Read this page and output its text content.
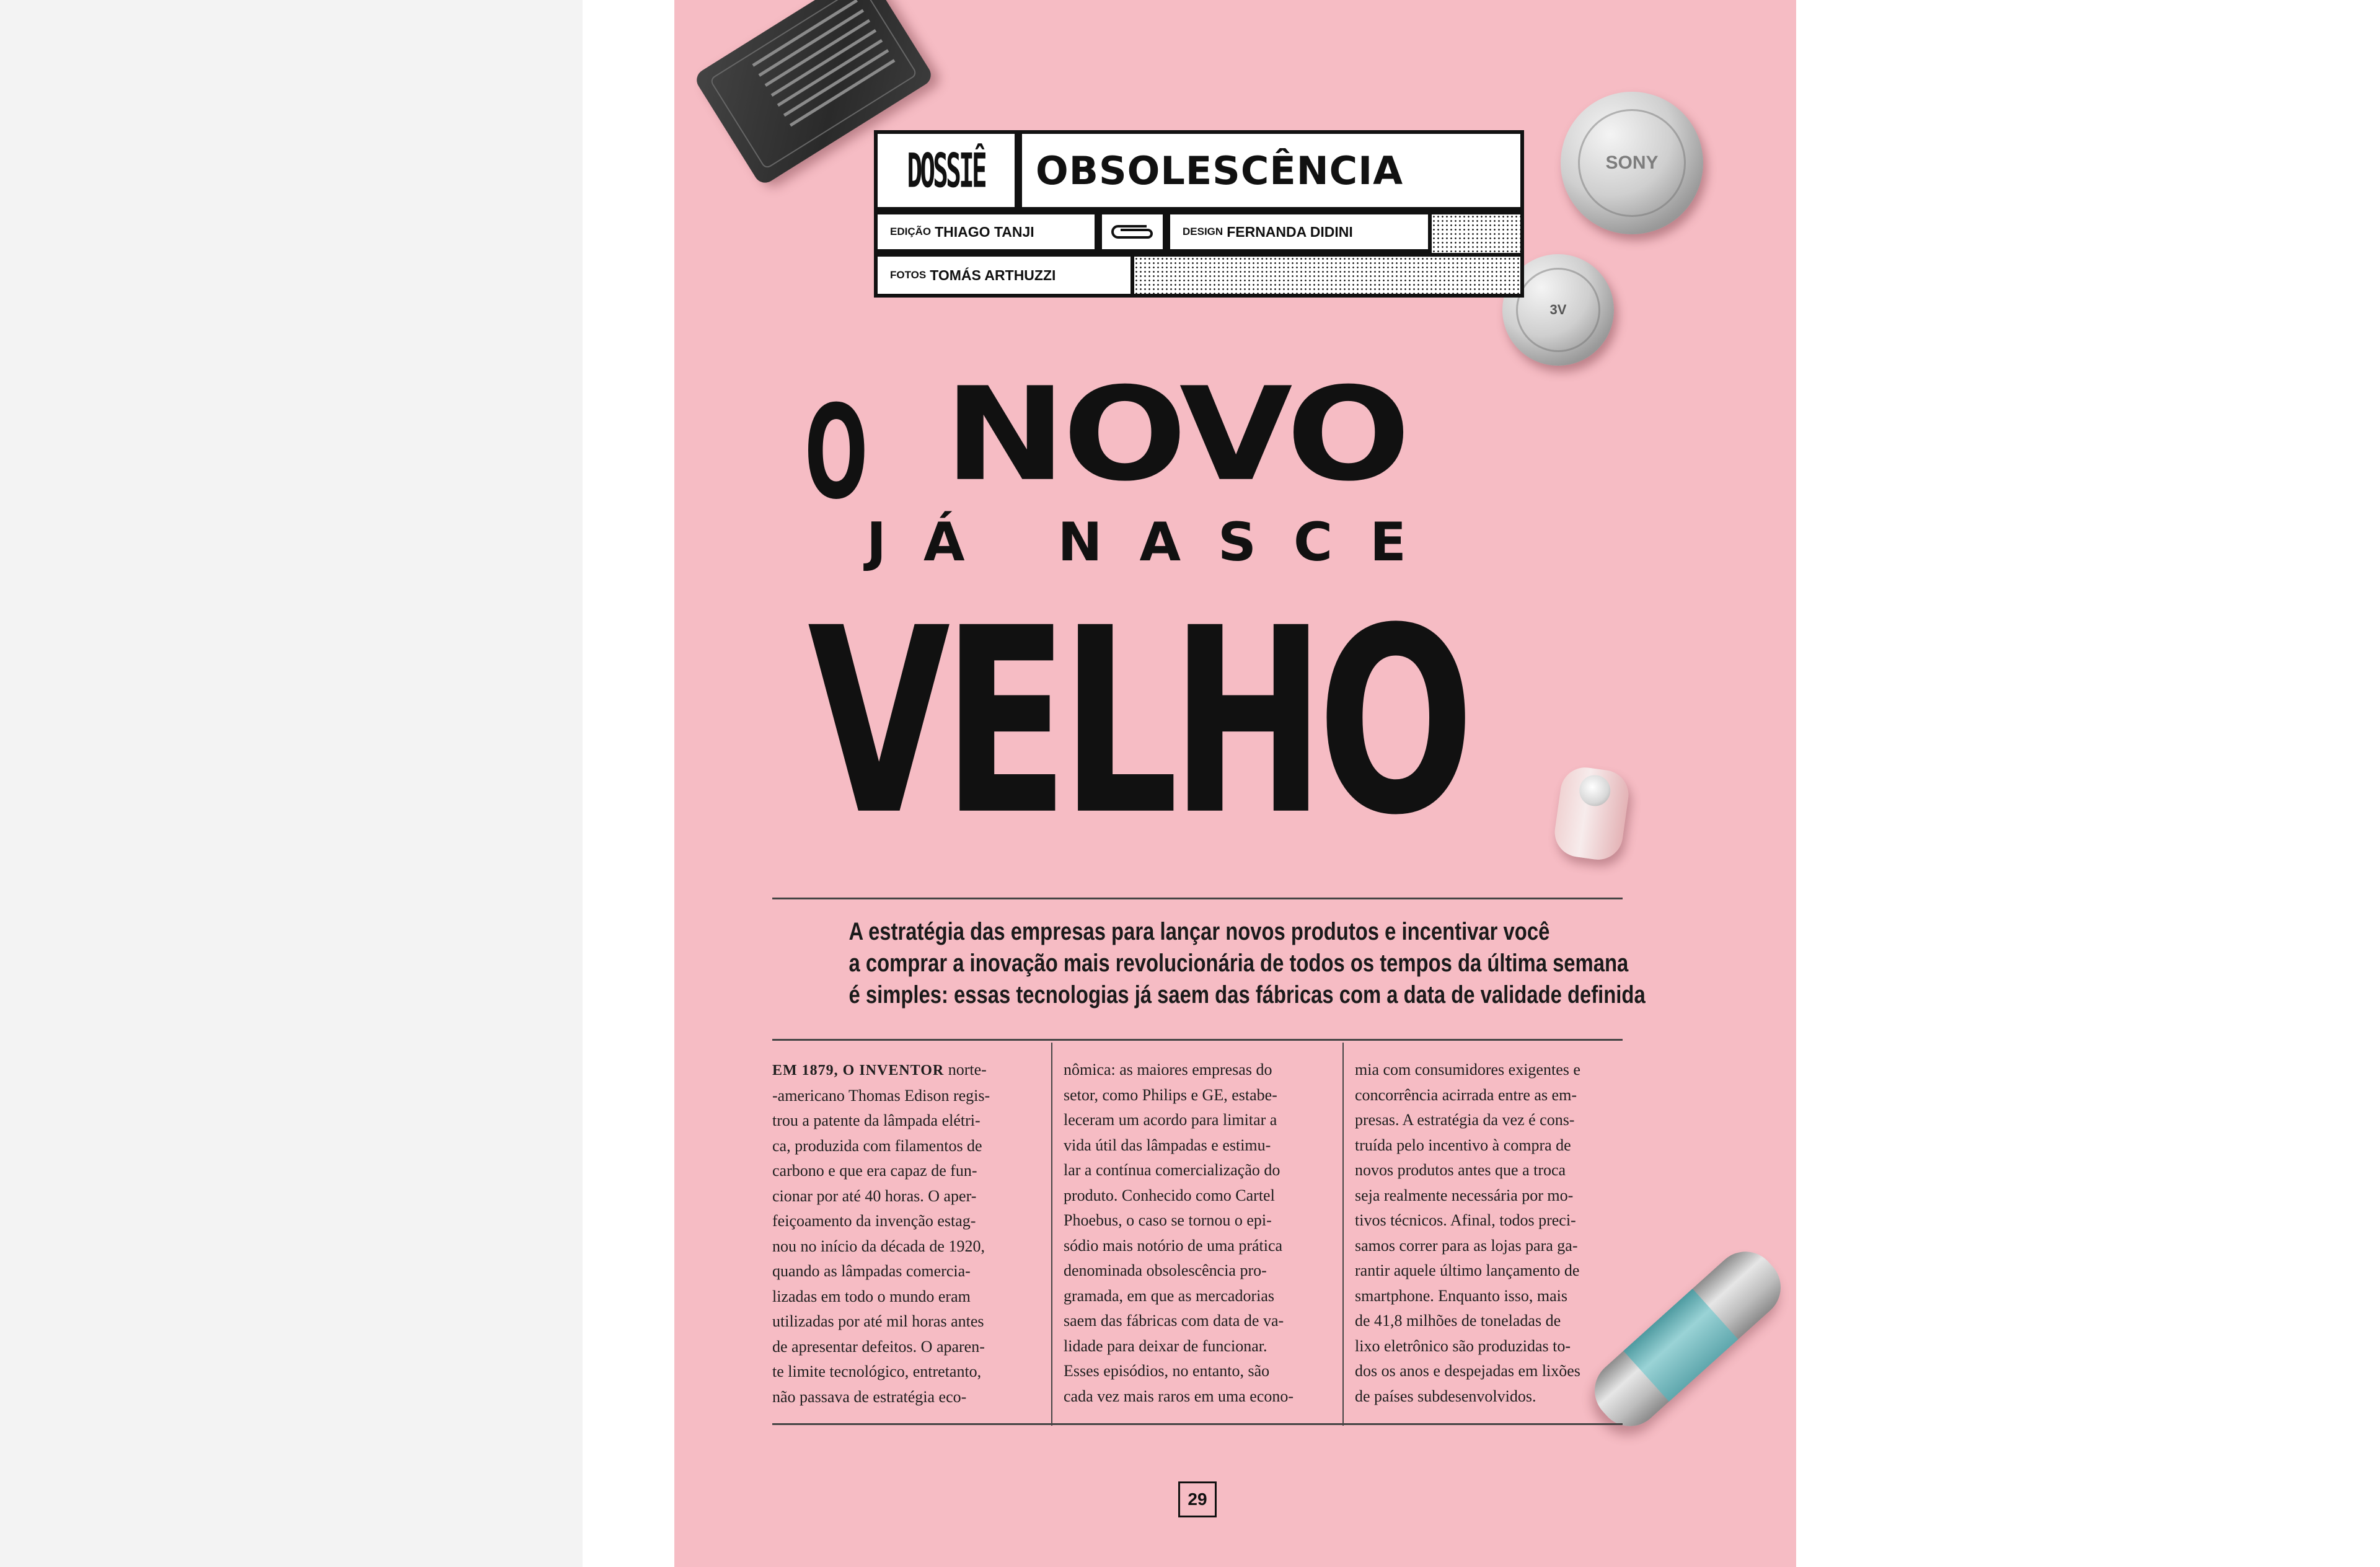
SONY
3V
DOSSIÊ	OBSOLESCÊNCIA
EDIÇÃO THIAGO TANJI	DESIGN FERNANDA DIDINI
FOTOS TOMÁS ARTHUZZI
O NOVO
JÁ NASCE
VELHO
A estratégia das empresas para lançar novos produtos e incentivar você
a comprar a inovação mais revolucionária de todos os tempos da última semana
é simples: essas tecnologias já saem das fábricas com a data de validade definida

EM 1879, O INVENTOR norte-

-americano Thomas Edison regis-

trou a patente da lâmpada elétri-

ca, produzida com filamentos de

carbono e que era capaz de fun-

cionar por até 40 horas. O aper-

feiçoamento da invenção estag-

nou no início da década de 1920,

quando as lâmpadas comercia-

lizadas em todo o mundo eram

utilizadas por até mil horas antes

de apresentar defeitos. O aparen-

te limite tecnológico, entretanto,

não passava de estratégia eco-

nômica: as maiores empresas do

setor, como Philips e GE, estabe-

leceram um acordo para limitar a

vida útil das lâmpadas e estimu-

lar a contínua comercialização do

produto. Conhecido como Cartel

Phoebus, o caso se tornou o epi-

sódio mais notório de uma prática

denominada obsolescência pro-

gramada, em que as mercadorias

saem das fábricas com data de va-

lidade para deixar de funcionar.

Esses episódios, no entanto, são

cada vez mais raros em uma econo-

mia com consumidores exigentes e

concorrência acirrada entre as em-

presas. A estratégia da vez é cons-

truída pelo incentivo à compra de

novos produtos antes que a troca

seja realmente necessária por mo-

tivos técnicos. Afinal, todos preci-

samos correr para as lojas para ga-

rantir aquele último lançamento de

smartphone. Enquanto isso, mais

de 41,8 milhões de toneladas de

lixo eletrônico são produzidas to-

dos os anos e despejadas em lixões

de países subdesenvolvidos.

29
